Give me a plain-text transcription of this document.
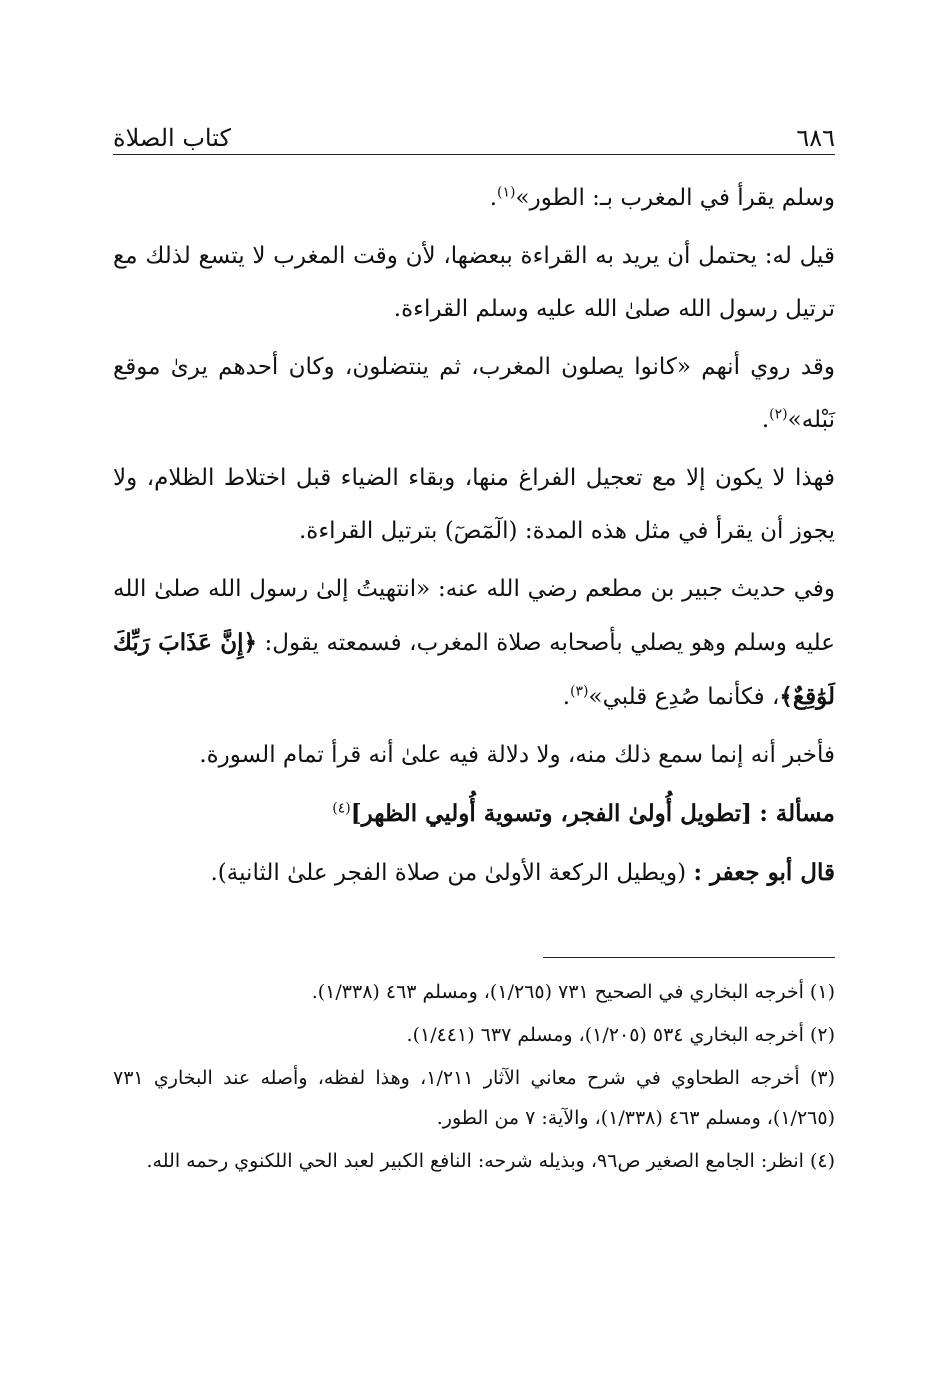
٦٨٦
كتاب الصلاة

وسلم يقرأ في المغرب بـ: الطور»$^{(١)}$.

قيل له: يحتمل أن يريد به القراءة ببعضها، لأن وقت المغرب لا يتسع لذلك مع ترتيل رسول الله صلىٰ الله عليه وسلم القراءة.

وقد روي أنهم «كانوا يصلون المغرب، ثم ينتضلون، وكان أحدهم يرىٰ موقع نَبْله»$^{(٢)}$.

فهذا لا يكون إلا مع تعجيل الفراغ منها، وبقاء الضياء قبل اختلاط الظلام، ولا يجوز أن يقرأ في مثل هذه المدة: (الٓمٓصٓ) بترتيل القراءة.

وفي حديث جبير بن مطعم رضي الله عنه: «انتهيتُ إلىٰ رسول الله صلىٰ الله عليه وسلم وهو يصلي بأصحابه صلاة المغرب، فسمعته يقول: ﴿إِنَّ عَذَابَ رَبِّكَ لَوَٰقِعٌ﴾، فكأنما صُدِع قلبي»$^{(٣)}$.

فأخبر أنه إنما سمع ذلك منه، ولا دلالة فيه علىٰ أنه قرأ تمام السورة.

مسألة : [تطويل أُولىٰ الفجر، وتسوية أُوليي الظهر]$^{(٤)}$

قال أبو جعفر : (ويطيل الركعة الأولىٰ من صلاة الفجر علىٰ الثانية).

(١) أخرجه البخاري في الصحيح ٧٣١ (١/٢٦٥)، ومسلم ٤٦٣ (١/٣٣٨).

(٢) أخرجه البخاري ٥٣٤ (١/٢٠٥)، ومسلم ٦٣٧ (١/٤٤١).

(٣) أخرجه الطحاوي في شرح معاني الآثار ١/٢١١، وهذا لفظه، وأصله عند البخاري ٧٣١ (١/٢٦٥)، ومسلم ٤٦٣ (١/٣٣٨)، والآية: ٧ من الطور.

(٤) انظر: الجامع الصغير ص٩٦، وبذيله شرحه: النافع الكبير لعبد الحي اللكنوي رحمه الله.
